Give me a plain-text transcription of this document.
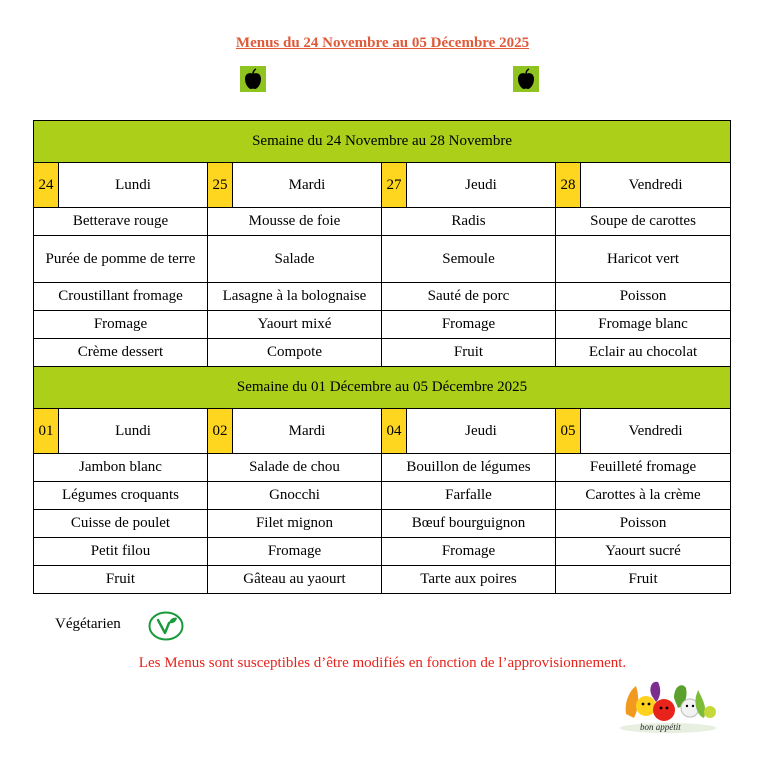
Menus du 24 Novembre au 05 Décembre 2025
Semaine du 24 Novembre au 28 Novembre							
24	Lundi	25	Mardi	27	Jeudi	28	Vendredi
Betterave rouge		Mousse de foie		Radis		Soupe de carottes	
Purée de pomme de terre		Salade		Semoule		Haricot vert	
Croustillant fromage		Lasagne à la bolognaise		Sauté de porc		Poisson	
Fromage		Yaourt mixé		Fromage		Fromage blanc	
Crème dessert		Compote		Fruit		Eclair au chocolat	
Semaine du 01 Décembre au 05 Décembre 2025							
01	Lundi	02	Mardi	04	Jeudi	05	Vendredi
Jambon blanc		Salade de chou		Bouillon de légumes		Feuilleté fromage	
Légumes croquants		Gnocchi		Farfalle		Carottes à la crème	
Cuisse de poulet		Filet mignon		Bœuf bourguignon		Poisson	
Petit filou		Fromage		Fromage		Yaourt sucré	
Fruit		Gâteau au yaourt		Tarte aux poires		Fruit	
Végétarien
Les Menus sont susceptibles d’être modifiés en fonction de l’approvisionnement.
bon appétit
